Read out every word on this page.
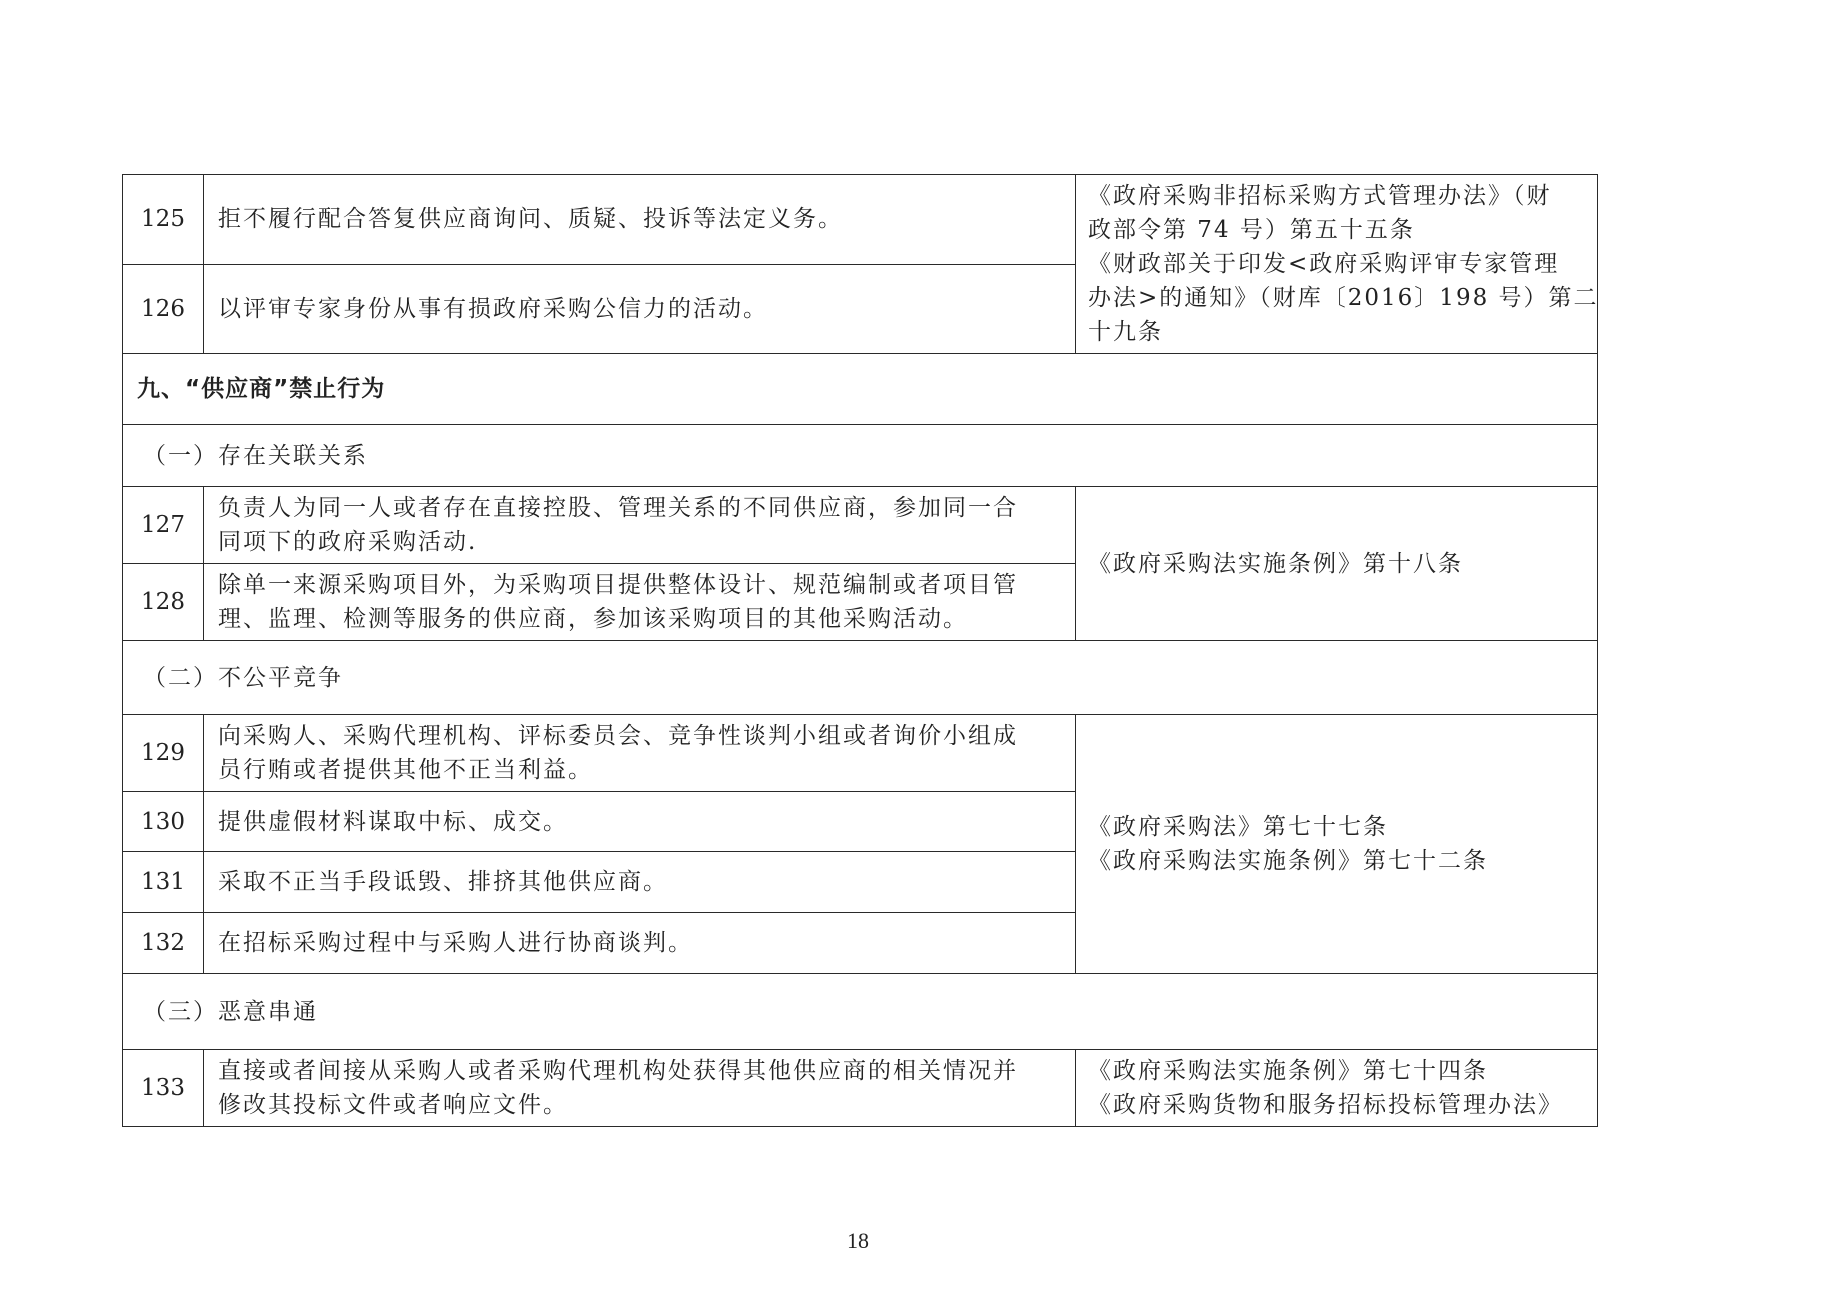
125	拒不履行配合答复供应商询问、质疑、投诉等法定义务。	《政府采购非招标采购方式管理办法》（财
政部令第 74 号）第五十五条
《财政部关于印发<政府采购评审专家管理
办法>的通知》（财库〔2016〕198 号）第二
十九条

126	以评审专家身份从事有损政府采购公信力的活动。	
九、“供应商”禁止行为		
（一）存在关联关系		
127	负责人为同一人或者存在直接控股、管理关系的不同供应商，参加同一合
同项下的政府采购活动.	《政府采购法实施条例》第十八条
128	除单一来源采购项目外，为采购项目提供整体设计、规范编制或者项目管
理、监理、检测等服务的供应商，参加该采购项目的其他采购活动。	

（二）不公平竞争		
129	向采购人、采购代理机构、评标委员会、竞争性谈判小组或者询价小组成
员行贿或者提供其他不正当利益。	《政府采购法》第七十七条
《政府采购法实施条例》第七十二条

130	提供虚假材料谋取中标、成交。	
131	采取不正当手段诋毁、排挤其他供应商。	
132	在招标采购过程中与采购人进行协商谈判。	
（三）恶意串通		
133	直接或者间接从采购人或者采购代理机构处获得其他供应商的相关情况并
修改其投标文件或者响应文件。	《政府采购法实施条例》第七十四条
《政府采购货物和服务招标投标管理办法》
18
